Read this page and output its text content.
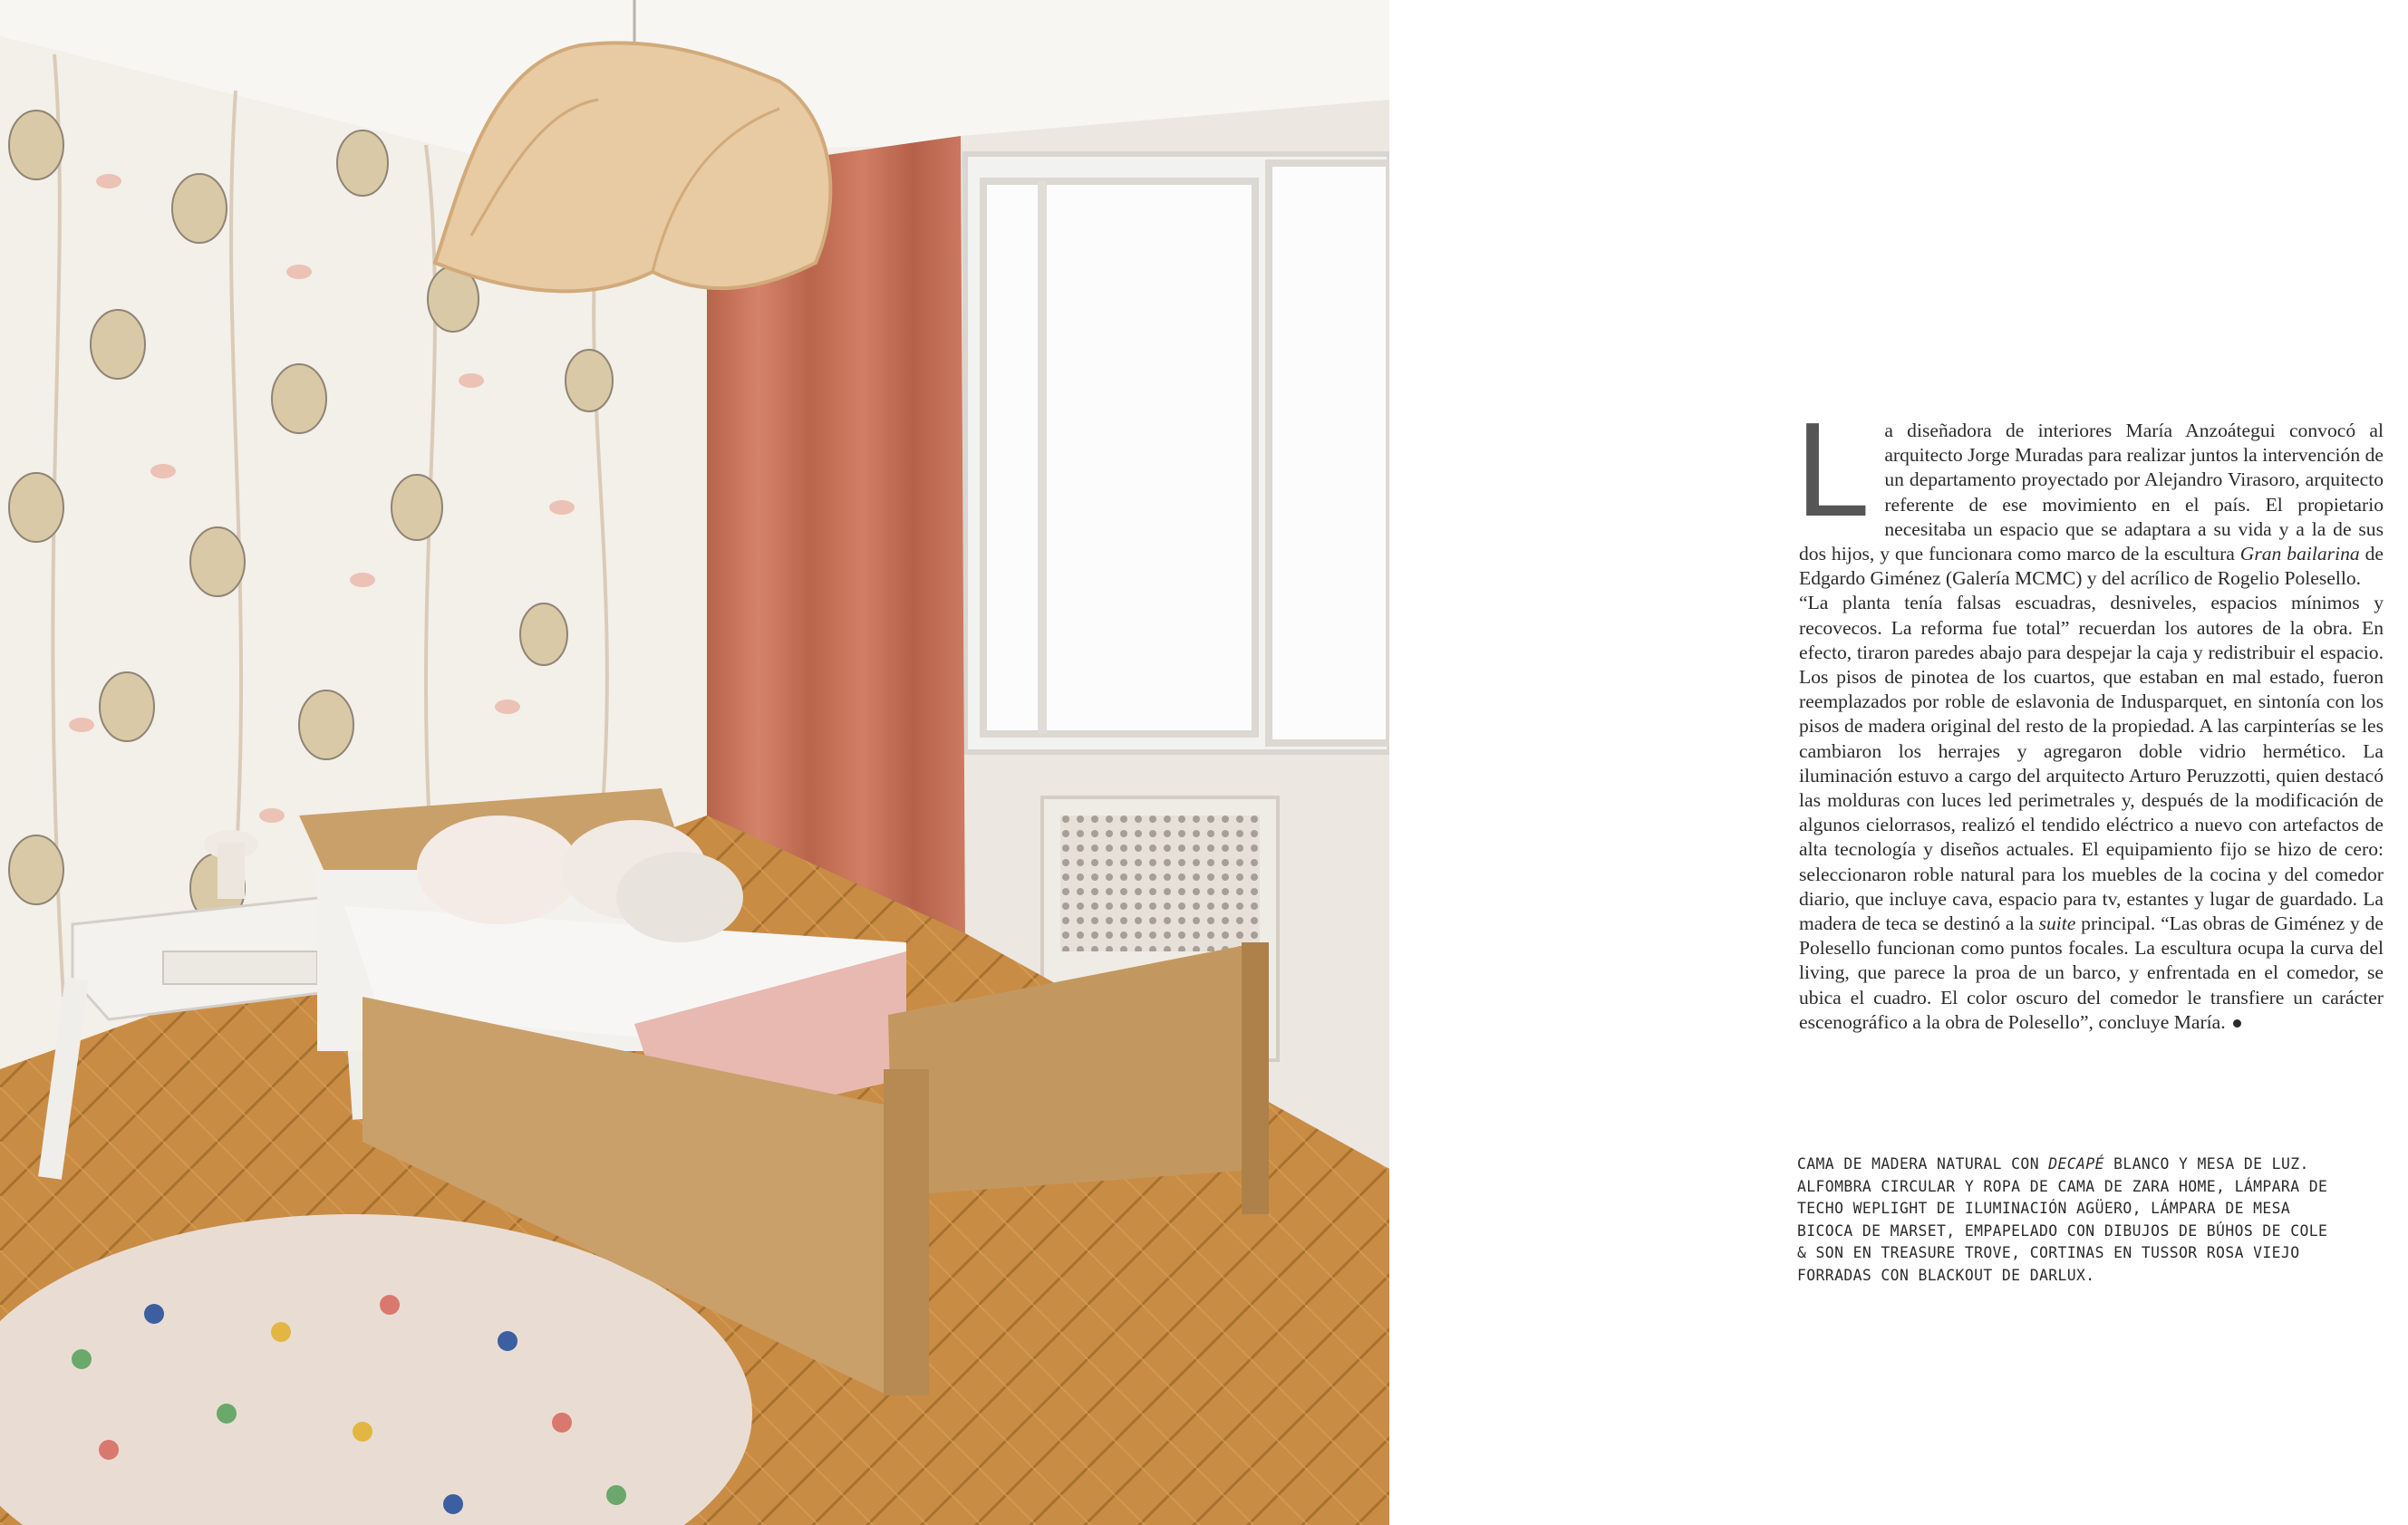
L a diseñadora de interiores María Anzoátegui convocó al arquitecto Jorge Muradas para realizar juntos la intervención de un departamento proyectado por Alejandro Virasoro, arquitecto referente de ese movimiento en el país. El propietario necesitaba un espacio que se adaptara a su vida y a la de sus dos hijos, y que funcionara como marco de la escultura Gran bailarina de Edgardo Giménez (Galería MCMC) y del acrílico de Rogelio Polesello.

“La planta tenía falsas escuadras, desniveles, espacios mínimos y recovecos. La reforma fue total” recuerdan los autores de la obra. En efecto, tiraron paredes abajo para despejar la caja y redistribuir el espacio. Los pisos de pinotea de los cuartos, que estaban en mal estado, fueron reemplazados por roble de eslavonia de Indusparquet, en sintonía con los pisos de madera original del resto de la propiedad. A las carpinterías se les cambiaron los herrajes y agregaron doble vidrio hermético. La iluminación estuvo a cargo del arquitecto Arturo Peruzzotti, quien destacó las molduras con luces led perimetrales y, después de la modificación de algunos cielorrasos, realizó el tendido eléctrico a nuevo con artefactos de alta tecnología y diseños actuales. El equipamiento fijo se hizo de cero: seleccionaron roble natural para los muebles de la cocina y del comedor diario, que incluye cava, espacio para tv, estantes y lugar de guardado. La madera de teca se destinó a la suite principal. “Las obras de Giménez y de Polesello funcionan como puntos focales. La escultura ocupa la curva del living, que parece la proa de un barco, y enfrentada en el comedor, se ubica el cuadro. El color oscuro del comedor le transfiere un carácter escenográfico a la obra de Polesello”, concluye María.

CAMA DE MADERA NATURAL CON DECAPÉ BLANCO Y MESA DE LUZ. ALFOMBRA CIRCULAR Y ROPA DE CAMA DE ZARA HOME, LÁMPARA DE TECHO WEPLIGHT DE ILUMINACIÓN AGÜERO, LÁMPARA DE MESA BICOCA DE MARSET, EMPAPELADO CON DIBUJOS DE BÚHOS DE COLE & SON EN TREASURE TROVE, CORTINAS EN TUSSOR ROSA VIEJO FORRADAS CON BLACKOUT DE DARLUX.
